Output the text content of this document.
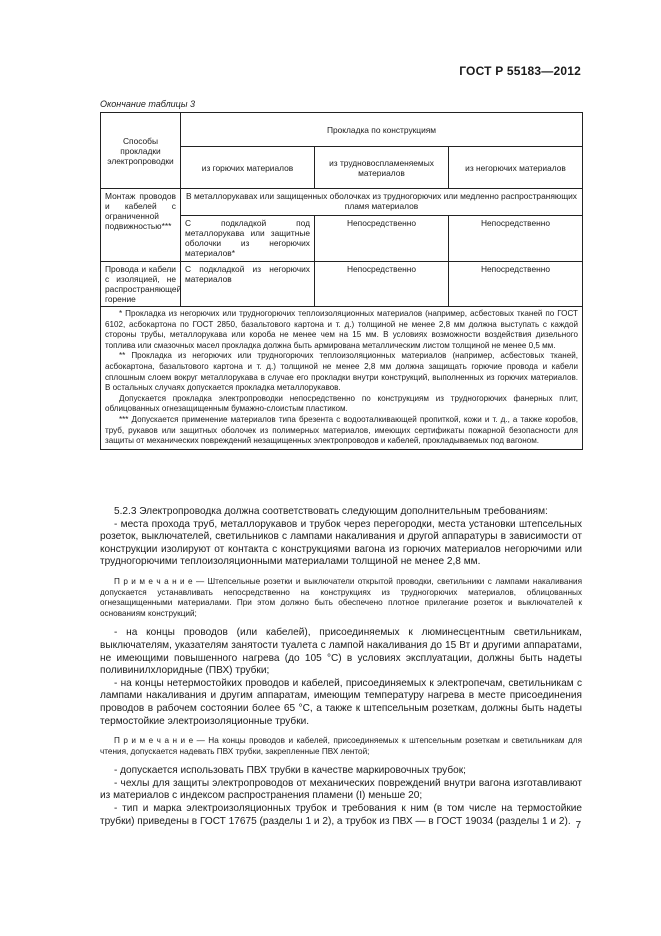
ГОСТ Р 55183—2012
Окончание таблицы 3
Способы прокладки электропроводки	Прокладка по конструкциям		
	из горючих материалов	из трудновоспламеняемых материалов	из негорючих материалов
Монтаж проводов и кабелей с ограниченной подвижностью***	В металлорукавах или защищенных оболочках из трудногорючих или медленно распространяющих пламя материалов		
	С подкладкой под металлорукава или защитные оболочки из негорючих материалов*	Непосредственно	Непосредственно
Провода и кабели с изоляцией, не распространяющей горение	С подкладкой из негорючих материалов	Непосредственно	Непосредственно

* Прокладка из негорючих или трудногорючих теплоизоляционных материалов (например, асбестовых тканей по ГОСТ 6102, асбокартона по ГОСТ 2850, базальтового картона и т. д.) толщиной не менее 2,8 мм должна выступать с каждой стороны трубы, металлорукава или короба не менее чем на 15 мм. В условиях возможности воздействия дизельного топлива или смазочных масел прокладка должна быть армирована металлическим листом толщиной не менее 0,5 мм.

** Прокладка из негорючих или трудногорючих теплоизоляционных материалов (например, асбестовых тканей, асбокартона, базальтового картона и т. д.) толщиной не менее 2,8 мм должна защищать горючие провода и кабели сплошным слоем вокруг металлорукава в случае его прокладки внутри конструкций, выполненных из горючих материалов. В остальных случаях допускается прокладка металлорукавов.

Допускается прокладка электропроводки непосредственно по конструкциям из трудногорючих фанерных плит, облицованных огнезащищенным бумажно-слоистым пластиком.

*** Допускается применение материалов типа брезента с водооталкивающей пропиткой, кожи и т. д., а также коробов, труб, рукавов или защитных оболочек из полимерных материалов, имеющих сертификаты пожарной безопасности для защиты от механических повреждений незащищенных электропроводов и кабелей, прокладываемых под вагоном.			

5.2.3 Электропроводка должна соответствовать следующим дополнительным требованиям:

- места прохода труб, металлорукавов и трубок через перегородки, места установки штепсельных розеток, выключателей, светильников с лампами накаливания и другой аппаратуры в зависимости от конструкции изолируют от контакта с конструкциями вагона из горючих материалов негорючими или трудногорючими теплоизоляционными материалами толщиной не менее 2,8 мм.

П р и м е ч а н и е — Штепсельные розетки и выключатели открытой проводки, светильники с лампами накаливания допускается устанавливать непосредственно на конструкциях из трудногорючих материалов, облицованных огнезащищенными материалами. При этом должно быть обеспечено плотное прилегание розеток и выключателей к основаниям конструкций;

- на концы проводов (или кабелей), присоединяемых к люминесцентным светильникам, выключателям, указателям занятости туалета с лампой накаливания до 15 Вт и другими аппаратами, не имеющими повышенного нагрева (до 105 °С) в условиях эксплуатации, должны быть надеты поливинилхлоридные (ПВХ) трубки;

- на концы нетермостойких проводов и кабелей, присоединяемых к электропечам, светильникам с лампами накаливания и другим аппаратам, имеющим температуру нагрева в месте присоединения проводов в рабочем состоянии более 65 °С, а также к штепсельным розеткам, должны быть надеты термостойкие электроизоляционные трубки.

П р и м е ч а н и е — На концы проводов и кабелей, присоединяемых к штепсельным розеткам и светильникам для чтения, допускается надевать ПВХ трубки, закрепленные ПВХ лентой;

- допускается использовать ПВХ трубки в качестве маркировочных трубок;

- чехлы для защиты электропроводов от механических повреждений внутри вагона изготавливают из материалов с индексом распространения пламени (I) меньше 20;

- тип и марка электроизоляционных трубок и требования к ним (в том числе на термостойкие трубки) приведены в ГОСТ 17675 (разделы 1 и 2), а трубок из ПВХ — в ГОСТ 19034 (разделы 1 и 2). 7
